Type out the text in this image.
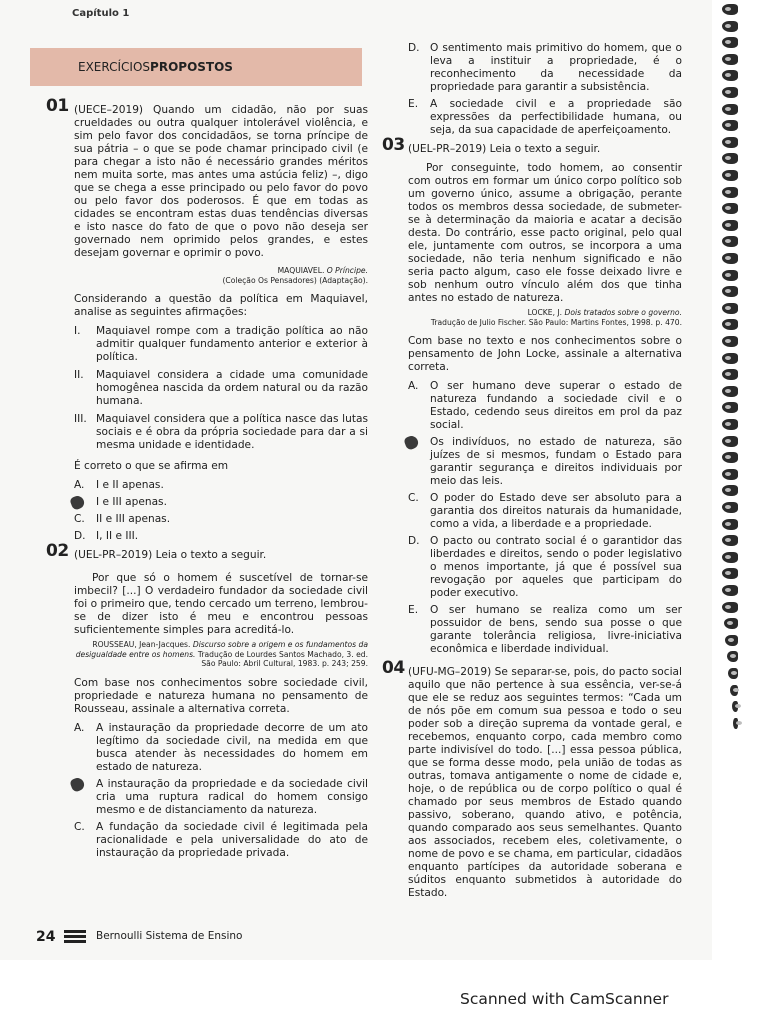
Capítulo 1
EXERCÍCIOS PROPOSTOS
01 (UECE–2019) Quando um cidadão, não por suas crueldades ou outra qualquer intolerável violência, e sim pelo favor dos concidadãos, se torna príncipe de sua pátria – o que se pode chamar principado civil (e para chegar a isto não é necessário grandes méritos nem muita sorte, mas antes uma astúcia feliz) –, digo que se chega a esse principado ou pelo favor do povo ou pelo favor dos poderosos. É que em todas as cidades se encontram estas duas tendências diversas e isto nasce do fato de que o povo não deseja ser governado nem oprimido pelos grandes, e estes desejam governar e oprimir o povo.

MAQUIAVEL. O Príncipe.
(Coleção Os Pensadores) (Adaptação).

Considerando a questão da política em Maquiavel, analise as seguintes afirmações:

I.	Maquiavel rompe com a tradição política ao não admitir qualquer fundamento anterior e exterior à política.
II.	Maquiavel considera a cidade uma comunidade homogênea nascida da ordem natural ou da razão humana.
III. Maquiavel considera que a política nasce das lutas sociais e é obra da própria sociedade para dar a si mesma unidade e identidade.

É correto o que se afirma em

A.	I e II apenas.
I e III apenas.
C.	II e III apenas.
D. I, II e III.
02 (UEL-PR–2019) Leia o texto a seguir.

Por que só o homem é suscetível de tornar-se imbecil? [...] O verdadeiro fundador da sociedade civil foi o primeiro que, tendo cercado um terreno, lembrou-se de dizer isto é meu e encontrou pessoas suficientemente simples para acreditá-lo.

ROUSSEAU, Jean-Jacques. Discurso sobre a origem e os fundamentos da desigualdade entre os homens. Tradução de Lourdes Santos Machado, 3. ed. São Paulo: Abril Cultural, 1983. p. 243; 259.

Com base nos conhecimentos sobre sociedade civil, propriedade e natureza humana no pensamento de Rousseau, assinale a alternativa correta.

A.	A instauração da propriedade decorre de um ato legítimo da sociedade civil, na medida em que busca atender às necessidades do homem em estado de natureza.
A instauração da propriedade e da sociedade civil cria uma ruptura radical do homem consigo mesmo e de distanciamento da natureza.
C.	A fundação da sociedade civil é legitimada pela racionalidade e pela universalidade do ato de instauração da propriedade privada.
D. O sentimento mais primitivo do homem, que o leva a instituir a propriedade, é o reconhecimento da necessidade da propriedade para garantir a subsistência.
E.	A sociedade civil e a propriedade são expressões da perfectibilidade humana, ou seja, da sua capacidade de aperfeiçoamento.
03 (UEL-PR–2019) Leia o texto a seguir.

Por conseguinte, todo homem, ao consentir com outros em formar um único corpo político sob um governo único, assume a obrigação, perante todos os membros dessa sociedade, de submeter-se à determinação da maioria e acatar a decisão desta. Do contrário, esse pacto original, pelo qual ele, juntamente com outros, se incorpora a uma sociedade, não teria nenhum significado e não seria pacto algum, caso ele fosse deixado livre e sob nenhum outro vínculo além dos que tinha antes no estado de natureza.

LOCKE, J. Dois tratados sobre o governo.
Tradução de Julio Fischer. São Paulo: Martins Fontes, 1998. p. 470.

Com base no texto e nos conhecimentos sobre o pensamento de John Locke, assinale a alternativa correta.

A.	O ser humano deve superar o estado de natureza fundando a sociedade civil e o Estado, cedendo seus direitos em prol da paz social.
Os indivíduos, no estado de natureza, são juízes de si mesmos, fundam o Estado para garantir segurança e direitos individuais por meio das leis.
C.	O poder do Estado deve ser absoluto para a garantia dos direitos naturais da humanidade, como a vida, a liberdade e a propriedade.
D. O pacto ou contrato social é o garantidor das liberdades e direitos, sendo o poder legislativo o menos importante, já que é possível sua revogação por aqueles que participam do poder executivo.
E.	O ser humano se realiza como um ser possuidor de bens, sendo sua posse o que garante tolerância religiosa, livre-iniciativa econômica e liberdade individual.
04 (UFU-MG–2019) Se separar-se, pois, do pacto social aquilo que não pertence à sua essência, ver-se-á que ele se reduz aos seguintes termos: “Cada um de nós põe em comum sua pessoa e todo o seu poder sob a direção suprema da vontade geral, e recebemos, enquanto corpo, cada membro como parte indivisível do todo. [...] essa pessoa pública, que se forma desse modo, pela união de todas as outras, tomava antigamente o nome de cidade e, hoje, o de república ou de corpo político o qual é chamado por seus membros de Estado quando passivo, soberano, quando ativo, e potência, quando comparado aos seus semelhantes. Quanto aos associados, recebem eles, coletivamente, o nome de povo e se chama, em particular, cidadãos enquanto partícipes da autoridade soberana e súditos enquanto submetidos à autoridade do Estado.

24	Bernoulli Sistema de Ensino
Scanned with CamScanner
